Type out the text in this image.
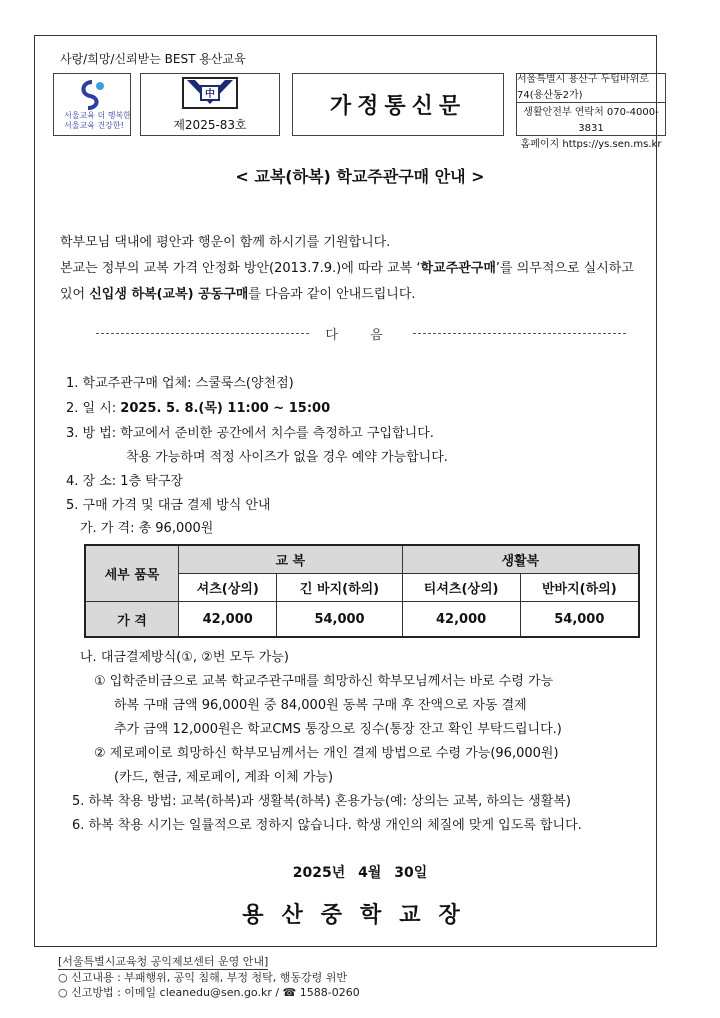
사랑/희망/신뢰받는 BEST 용산교육
서울교육 더 행복한!
서울교육 건강한!
中
제2025-83호
가정통신문
서울특별시 용산구 두텁바위로 74(용산동2가)
생활안전부 연락처 070-4000-3831
홈페이지 https://ys.sen.ms.kr
< 교복(하복) 학교주관구매 안내 >
학부모님 댁내에 평안과 행운이 함께 하시기를 기원합니다.
본교는 정부의 교복 가격 안정화 방안(2013.7.9.)에 따라 교복 ‘학교주관구매’를 의무적으로 실시하고
있어 신입생 하복(교복) 공동구매를 다음과 같이 안내드립니다.
다 음
1. 학교주관구매 업체: 스쿨룩스(양천점)
2. 일 시: 2025. 5. 8.(목) 11:00 ~ 15:00
3. 방 법: 학교에서 준비한 공간에서 치수를 측정하고 구입합니다.
착용 가능하며 적정 사이즈가 없을 경우 예약 가능합니다.
4. 장 소: 1층 탁구장
5. 구매 가격 및 대금 결제 방식 안내
가. 가 격: 총 96,000원
세부 품목	교 복		생활복	
	셔츠(상의)	긴 바지(하의)	티셔츠(상의)	반바지(하의)
가 격	42,000	54,000	42,000	54,000
나. 대금결제방식(①, ②번 모두 가능)
① 입학준비금으로 교복 학교주관구매를 희망하신 학부모님께서는 바로 수령 가능
하복 구매 금액 96,000원 중 84,000원 동복 구매 후 잔액으로 자동 결제
추가 금액 12,000원은 학교CMS 통장으로 징수(통장 잔고 확인 부탁드립니다.)
② 제로페이로 희망하신 학부모님께서는 개인 결제 방법으로 수령 가능(96,000원)
(카드, 현금, 제로페이, 계좌 이체 가능)
5. 하복 착용 방법: 교복(하복)과 생활복(하복) 혼용가능(예: 상의는 교복, 하의는 생활복)
6. 하복 착용 시기는 일률적으로 정하지 않습니다. 학생 개인의 체질에 맞게 입도록 합니다.
2025년 4월 30일
용산중학교장
[서울특별시교육청 공익제보센터 운영 안내]
○ 신고내용 : 부패행위, 공익 침해, 부정 청탁, 행동강령 위반
○ 신고방법 : 이메일 cleanedu@sen.go.kr / ☎ 1588-0260
